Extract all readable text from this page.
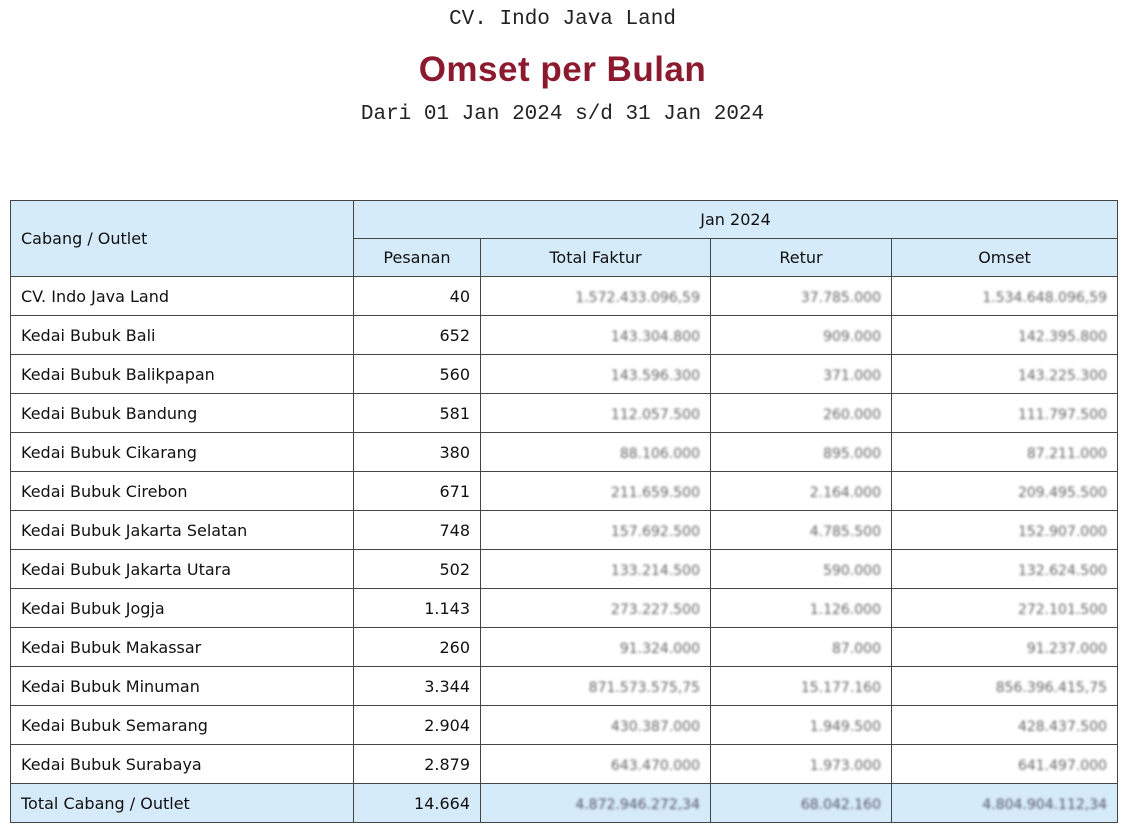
CV. Indo Java Land
Omset per Bulan
Dari 01 Jan 2024 s/d 31 Jan 2024
Cabang / Outlet	Jan 2024			
	Pesanan	Total Faktur	Retur	Omset
CV. Indo Java Land	40	1.572.433.096,59	37.785.000	1.534.648.096,59
Kedai Bubuk Bali	652	143.304.800	909.000	142.395.800
Kedai Bubuk Balikpapan	560	143.596.300	371.000	143.225.300
Kedai Bubuk Bandung	581	112.057.500	260.000	111.797.500
Kedai Bubuk Cikarang	380	88.106.000	895.000	87.211.000
Kedai Bubuk Cirebon	671	211.659.500	2.164.000	209.495.500
Kedai Bubuk Jakarta Selatan	748	157.692.500	4.785.500	152.907.000
Kedai Bubuk Jakarta Utara	502	133.214.500	590.000	132.624.500
Kedai Bubuk Jogja	1.143	273.227.500	1.126.000	272.101.500
Kedai Bubuk Makassar	260	91.324.000	87.000	91.237.000
Kedai Bubuk Minuman	3.344	871.573.575,75	15.177.160	856.396.415,75
Kedai Bubuk Semarang	2.904	430.387.000	1.949.500	428.437.500
Kedai Bubuk Surabaya	2.879	643.470.000	1.973.000	641.497.000
Total Cabang / Outlet	14.664	4.872.946.272,34	68.042.160	4.804.904.112,34
